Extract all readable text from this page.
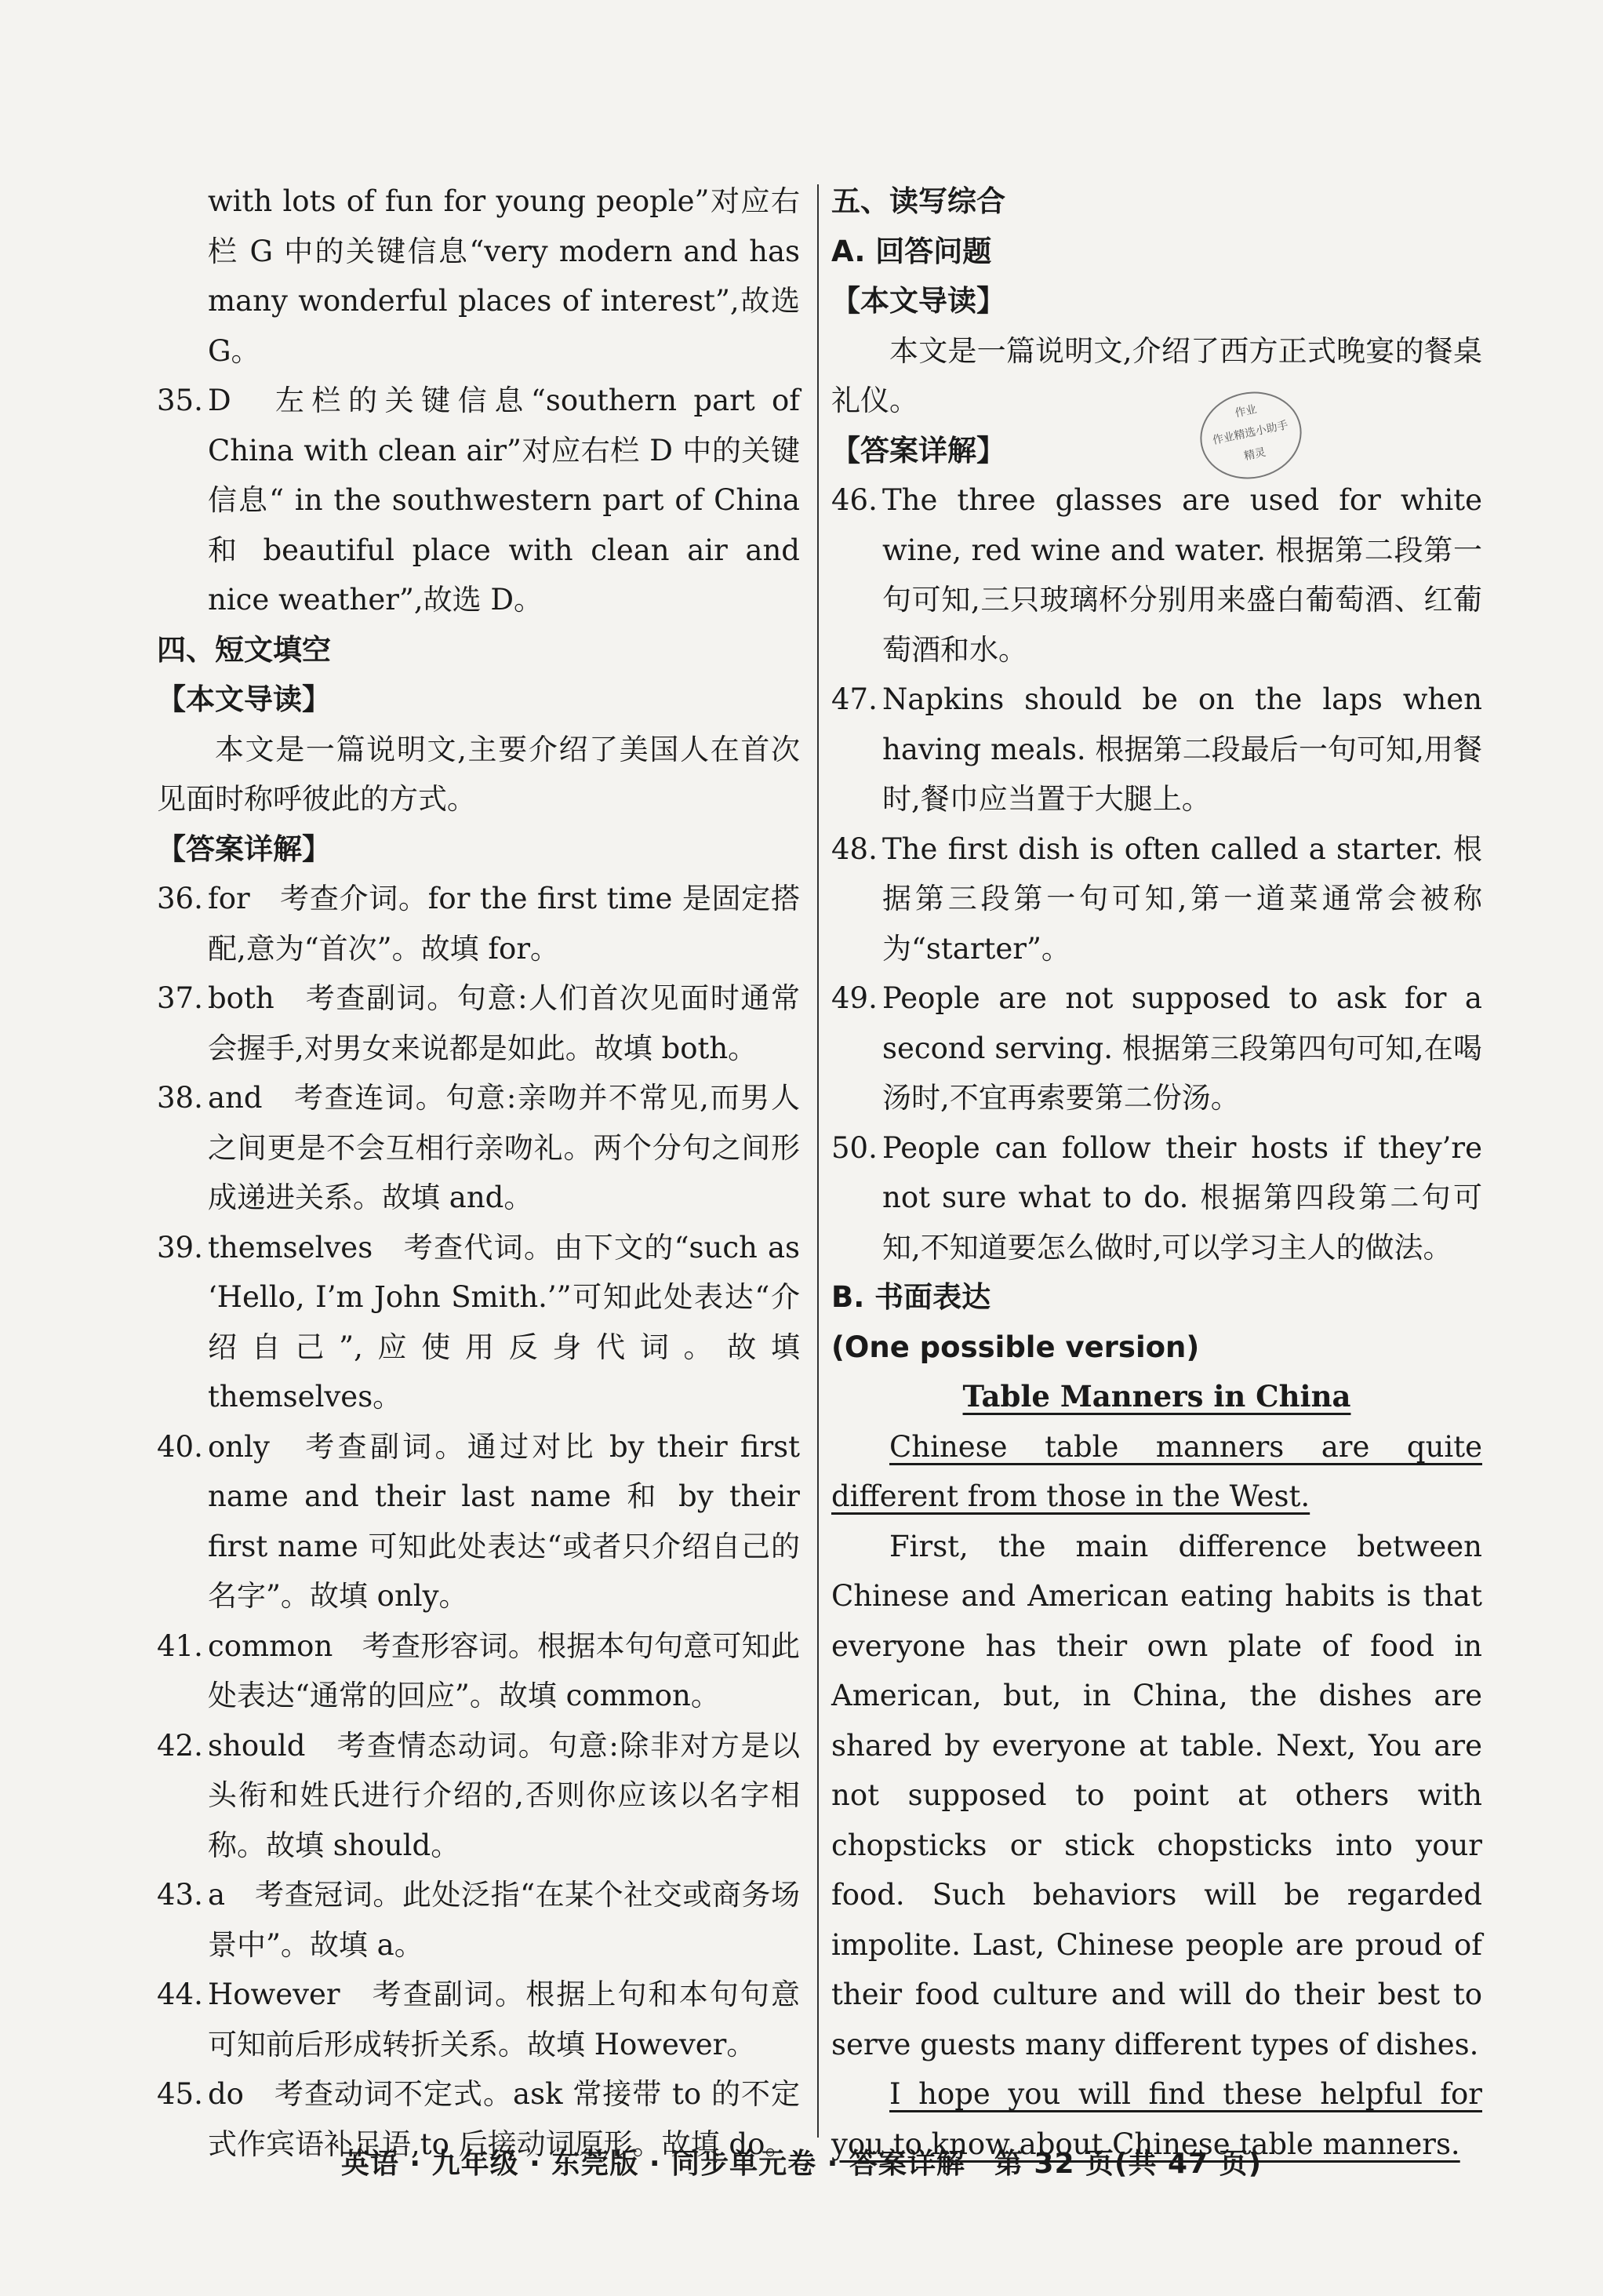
with lots of fun for young people”对应右栏 G 中的关键信息“very modern and has many wonderful places of interest”,故选 G。
35. D　左栏的关键信息“southern part of China with clean air”对应右栏 D 中的关键信息“ in the southwestern part of China 和 beautiful place with clean air and nice weather”,故选 D。
四、短文填空
【本文导读】
本文是一篇说明文,主要介绍了美国人在首次见面时称呼彼此的方式。
【答案详解】
36. for　考查介词。for the first time 是固定搭配,意为“首次”。故填 for。
37. both　考查副词。句意:人们首次见面时通常会握手,对男女来说都是如此。故填 both。
38. and　考查连词。句意:亲吻并不常见,而男人之间更是不会互相行亲吻礼。两个分句之间形成递进关系。故填 and。
39. themselves　考查代词。由下文的“such as ‘Hello, I’m John Smith.’”可知此处表达“介绍自己”,应使用反身代词。故填 themselves。
40. only　考查副词。通过对比 by their first name and their last name 和 by their first name 可知此处表达“或者只介绍自己的名字”。故填 only。
41. common　考查形容词。根据本句句意可知此处表达“通常的回应”。故填 common。
42. should　考查情态动词。句意:除非对方是以头衔和姓氏进行介绍的,否则你应该以名字相称。故填 should。
43. a　考查冠词。此处泛指“在某个社交或商务场景中”。故填 a。
44. However　考查副词。根据上句和本句句意可知前后形成转折关系。故填 However。
45. do　考查动词不定式。ask 常接带 to 的不定式作宾语补足语,to 后接动词原形。故填 do。
五、读写综合
A. 回答问题
【本文导读】
本文是一篇说明文,介绍了西方正式晚宴的餐桌礼仪。
【答案详解】
46. The three glasses are used for white wine, red wine and water. 根据第二段第一句可知,三只玻璃杯分别用来盛白葡萄酒、红葡萄酒和水。
47. Napkins should be on the laps when having meals. 根据第二段最后一句可知,用餐时,餐巾应当置于大腿上。
48. The first dish is often called a starter. 根据第三段第一句可知,第一道菜通常会被称为“starter”。
49. People are not supposed to ask for a second serving. 根据第三段第四句可知,在喝汤时,不宜再索要第二份汤。
50. People can follow their hosts if they’re not sure what to do. 根据第四段第二句可知,不知道要怎么做时,可以学习主人的做法。
B. 书面表达
(One possible version)
Table Manners in China
Chinese table manners are quite different from those in the West.
First, the main difference between Chinese and American eating habits is that everyone has their own plate of food in American, but, in China, the dishes are shared by everyone at table. Next, You are not supposed to point at others with chopsticks or stick chopsticks into your food. Such behaviors will be regarded impolite. Last, Chinese people are proud of their food culture and will do their best to serve guests many different types of dishes.
I hope you will find these helpful for you to know about Chinese table manners.
作业
作业精选小助手
精灵
英语 · 九年级 · 东莞版 · 同步单元卷 · 答案详解　第 32 页(共 47 页)
